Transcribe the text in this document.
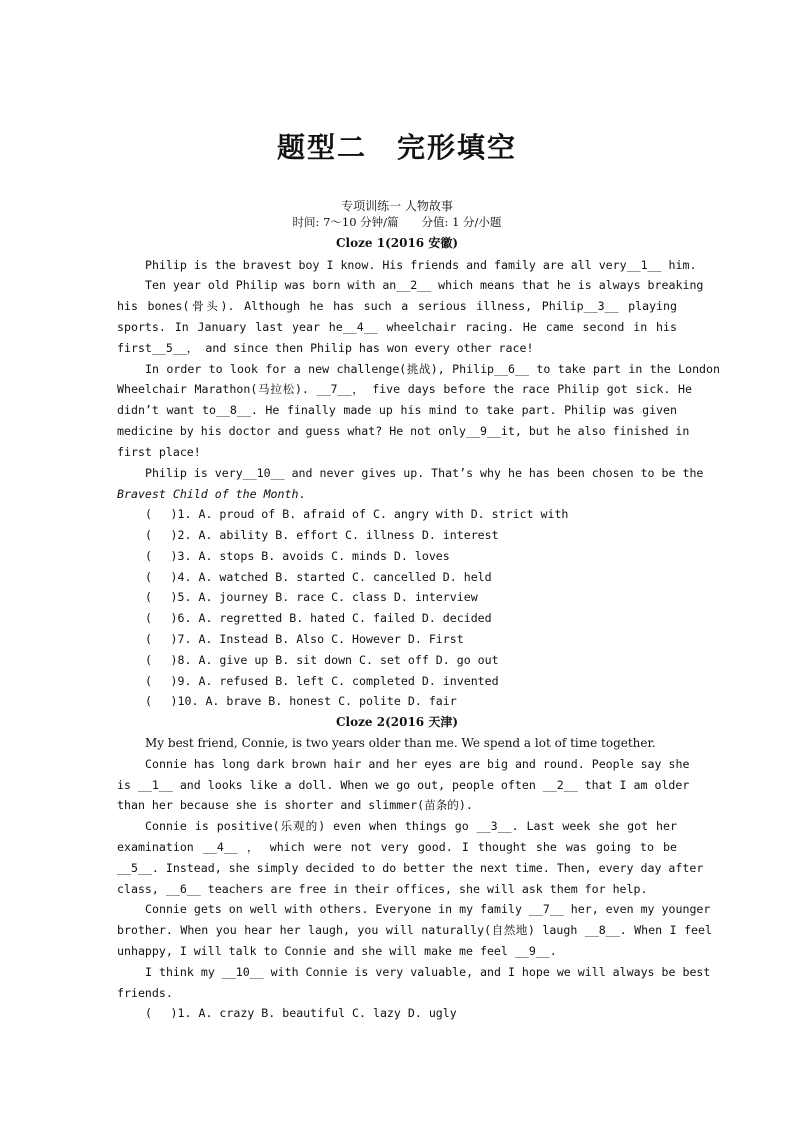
题型二　完形填空
专项训练一 人物故事
时间: 7～10 分钟/篇　　分值: 1 分/小题
Cloze 1(2016 安徽)
Philip is the bravest boy I know. His friends and family are all very__1__ him.
Ten year old Philip was born with an__2__ which means that he is always breaking
his bones(骨头). Although he has such a serious illness, Philip__3__ playing
sports. In January last year he__4__ wheelchair racing. He came second in his
first__5__， and since then Philip has won every other race!
In order to look for a new challenge(挑战), Philip__6__ to take part in the London
Wheelchair Marathon(马拉松). __7__， five days before the race Philip got sick. He
didn’t want to__8__. He finally made up his mind to take part. Philip was given
medicine by his doctor and guess what? He not only__9__it, but he also finished in
first place!
Philip is very__10__ and never gives up. That’s why he has been chosen to be the
Bravest Child of the Month.
(　 )1. A. proud of B. afraid of C. angry with D. strict with
(　 )2. A. ability B. effort C. illness D. interest
(　 )3. A. stops B. avoids C. minds D. loves
(　 )4. A. watched B. started C. cancelled D. held
(　 )5. A. journey B. race C. class D. interview
(　 )6. A. regretted B. hated C. failed D. decided
(　 )7. A. Instead B. Also C. However D. First
(　 )8. A. give up B. sit down C. set off D. go out
(　 )9. A. refused B. left C. completed D. invented
(　 )10. A. brave B. honest C. polite D. fair
Cloze 2(2016 天津)
My best friend, Connie, is two years older than me. We spend a lot of time together.
Connie has long dark brown hair and her eyes are big and round. People say she
is __1__ and looks like a doll. When we go out, people often __2__ that I am older
than her because she is shorter and slimmer(苗条的).
Connie is positive(乐观的) even when things go __3__. Last week she got her
examination __4__ ， which were not very good. I thought she was going to be
__5__. Instead, she simply decided to do better the next time. Then, every day after
class, __6__ teachers are free in their offices, she will ask them for help.
Connie gets on well with others. Everyone in my family __7__ her, even my younger
brother. When you hear her laugh, you will naturally(自然地) laugh __8__. When I feel
unhappy, I will talk to Connie and she will make me feel __9__.
I think my __10__ with Connie is very valuable, and I hope we will always be best
friends.
(　 )1. A. crazy B. beautiful C. lazy D. ugly
